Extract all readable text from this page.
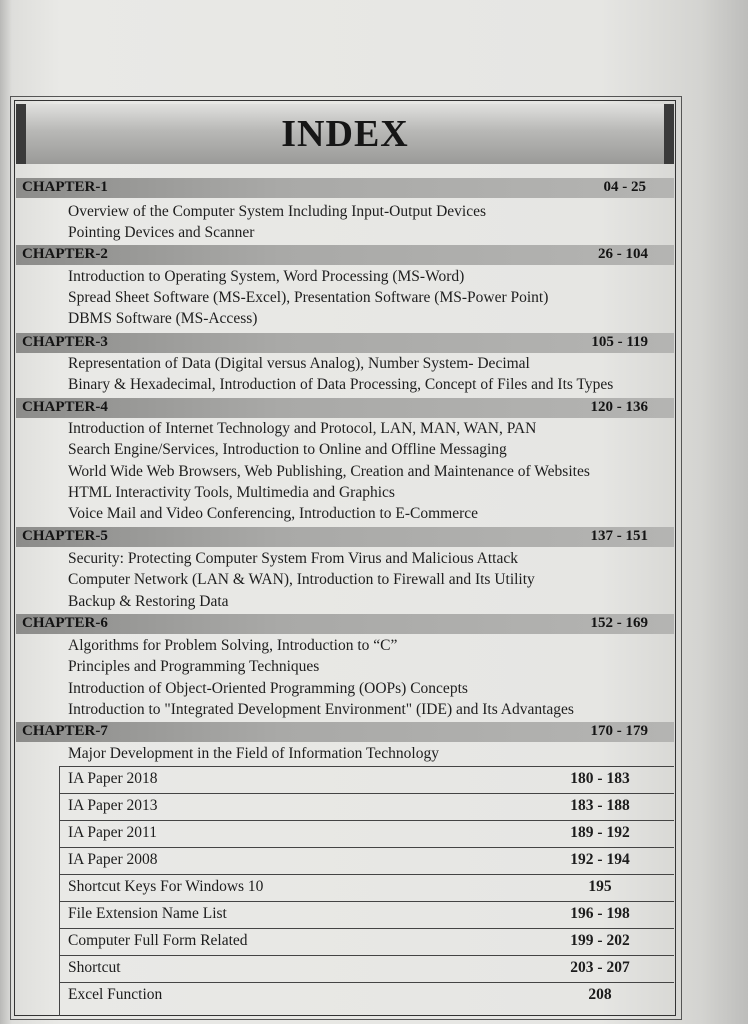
INDEX
CHAPTER-1	04 - 25
Overview of the Computer System Including Input-Output Devices
Pointing Devices and Scanner
CHAPTER-2	26 - 104
Introduction to Operating System, Word Processing (MS-Word)
Spread Sheet Software (MS-Excel), Presentation Software (MS-Power Point)
DBMS Software (MS-Access)
CHAPTER-3	105 - 119
Representation of Data (Digital versus Analog), Number System- Decimal
Binary & Hexadecimal, Introduction of Data Processing, Concept of Files and Its Types
CHAPTER-4	120 - 136
Introduction of Internet Technology and Protocol, LAN, MAN, WAN, PAN
Search Engine/Services, Introduction to Online and Offline Messaging
World Wide Web Browsers, Web Publishing, Creation and Maintenance of Websites
HTML Interactivity Tools, Multimedia and Graphics
Voice Mail and Video Conferencing, Introduction to E-Commerce
CHAPTER-5	137 - 151
Security: Protecting Computer System From Virus and Malicious Attack
Computer Network (LAN & WAN), Introduction to Firewall and Its Utility
Backup & Restoring Data
CHAPTER-6	152 - 169
Algorithms for Problem Solving, Introduction to “C”
Principles and Programming Techniques
Introduction of Object-Oriented Programming (OOPs) Concepts
Introduction to "Integrated Development Environment" (IDE) and Its Advantages
CHAPTER-7	170 - 179
Major Development in the Field of Information Technology
IA Paper 2018	180 - 183
IA Paper 2013	183 - 188
IA Paper 2011	189 - 192
IA Paper 2008	192 - 194
Shortcut Keys For Windows 10	195
File Extension Name List	196 - 198
Computer Full Form Related	199 - 202
Shortcut	203 - 207
Excel Function	208
